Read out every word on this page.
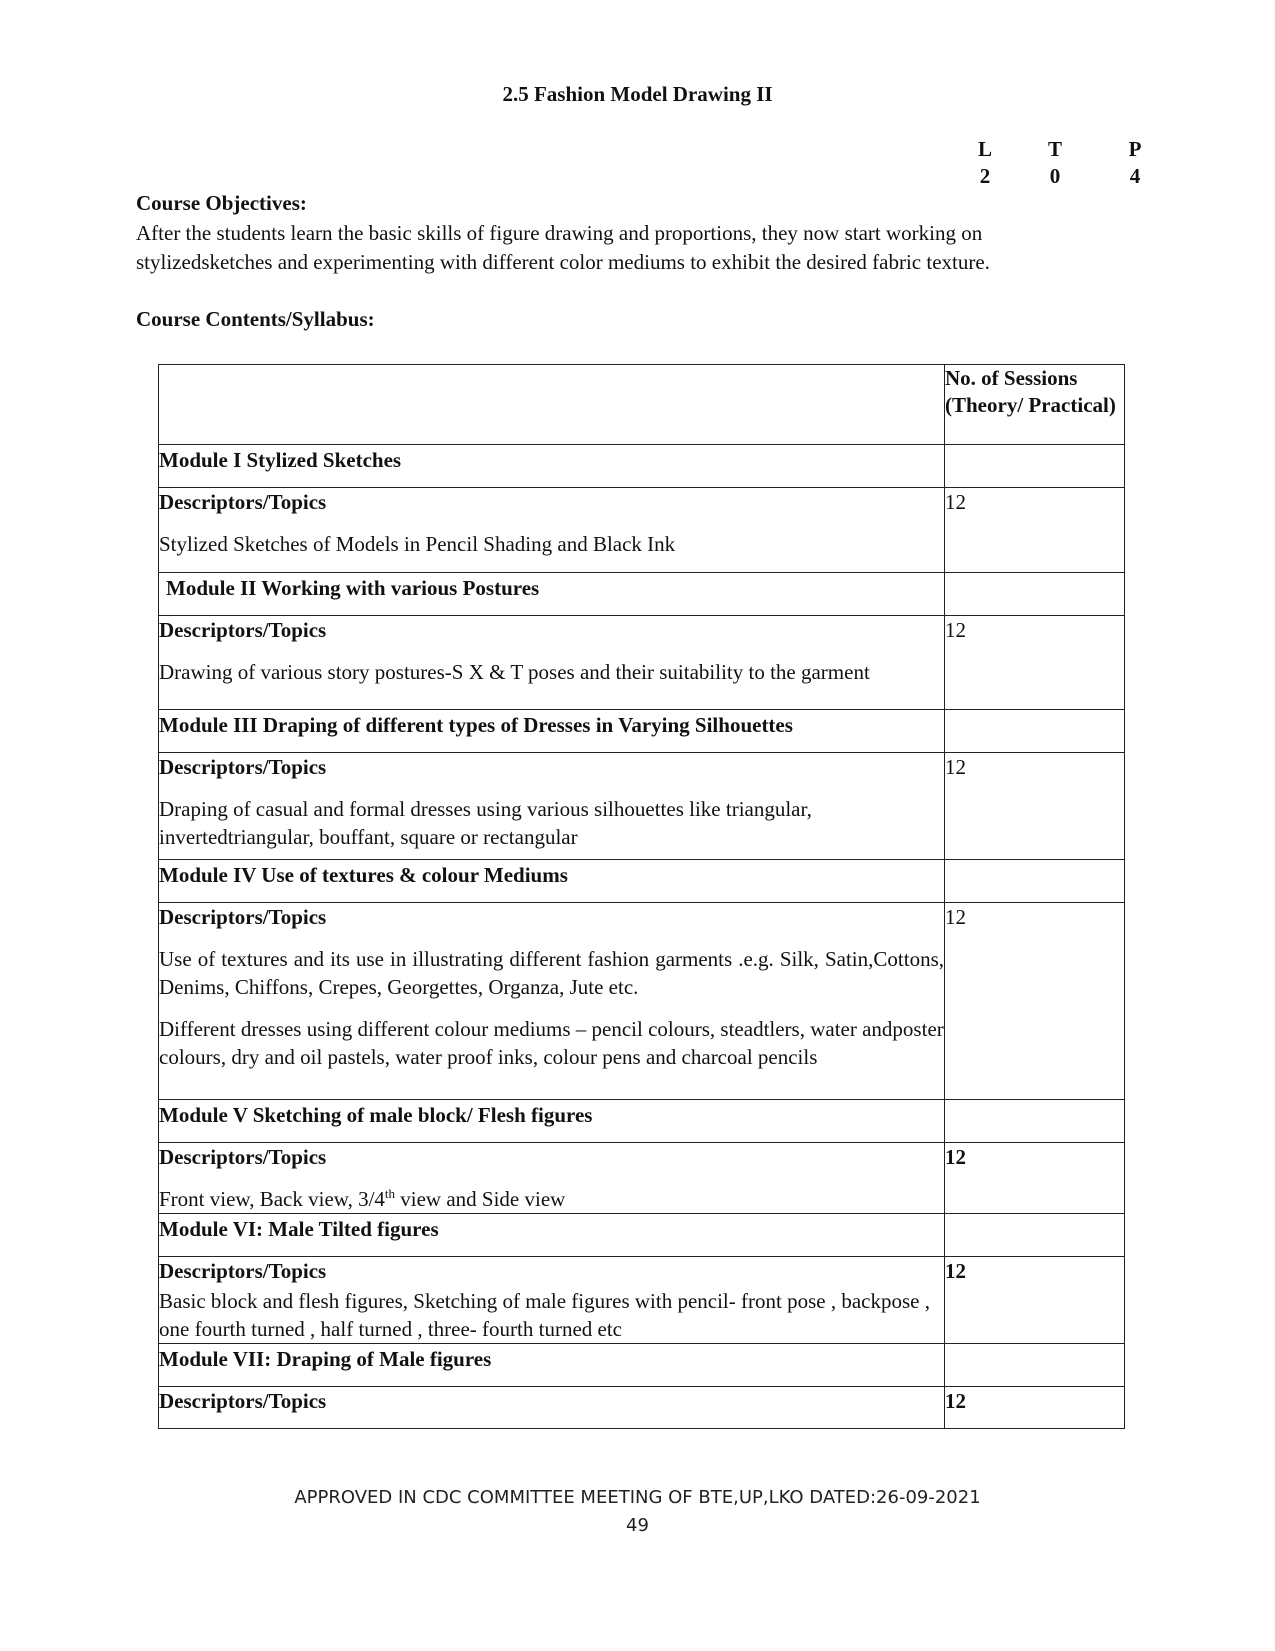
2.5 Fashion Model Drawing II
L	T	P
2	0	4
Course Objectives:
After the students learn the basic skills of figure drawing and proportions, they now start working on stylizedsketches and experimenting with different color mediums to exhibit the desired fabric texture.
Course Contents/Syllabus:
	No. of Sessions (Theory/ Practical)
Module I Stylized Sketches	

Descriptors/Topics
Stylized Sketches of Models in Pencil Shading and Black Ink	12
Module II Working with various Postures	

Descriptors/Topics
Drawing of various story postures-S X & T poses and their suitability to the garment	12
Module III Draping of different types of Dresses in Varying Silhouettes	

Descriptors/Topics
Draping of casual and formal dresses using various silhouettes like triangular, invertedtriangular, bouffant, square or rectangular	12
Module IV Use of textures & colour Mediums	

Descriptors/Topics
Use of textures and its use in illustrating different fashion garments .e.g. Silk, Satin,Cottons, Denims, Chiffons, Crepes, Georgettes, Organza, Jute etc.
Different dresses using different colour mediums – pencil colours, steadtlers, water andposter colours, dry and oil pastels, water proof inks, colour pens and charcoal pencils	12
Module V Sketching of male block/ Flesh figures	

Descriptors/Topics
Front view, Back view, 3/4th view and Side view	12
Module VI: Male Tilted figures	

Descriptors/Topics
Basic block and flesh figures, Sketching of male figures with pencil- front pose , backpose , one fourth turned , half turned , three- fourth turned etc	12
Module VII: Draping of Male figures	

Descriptors/Topics	12
APPROVED IN CDC COMMITTEE MEETING OF BTE,UP,LKO DATED:26-09-2021
49
